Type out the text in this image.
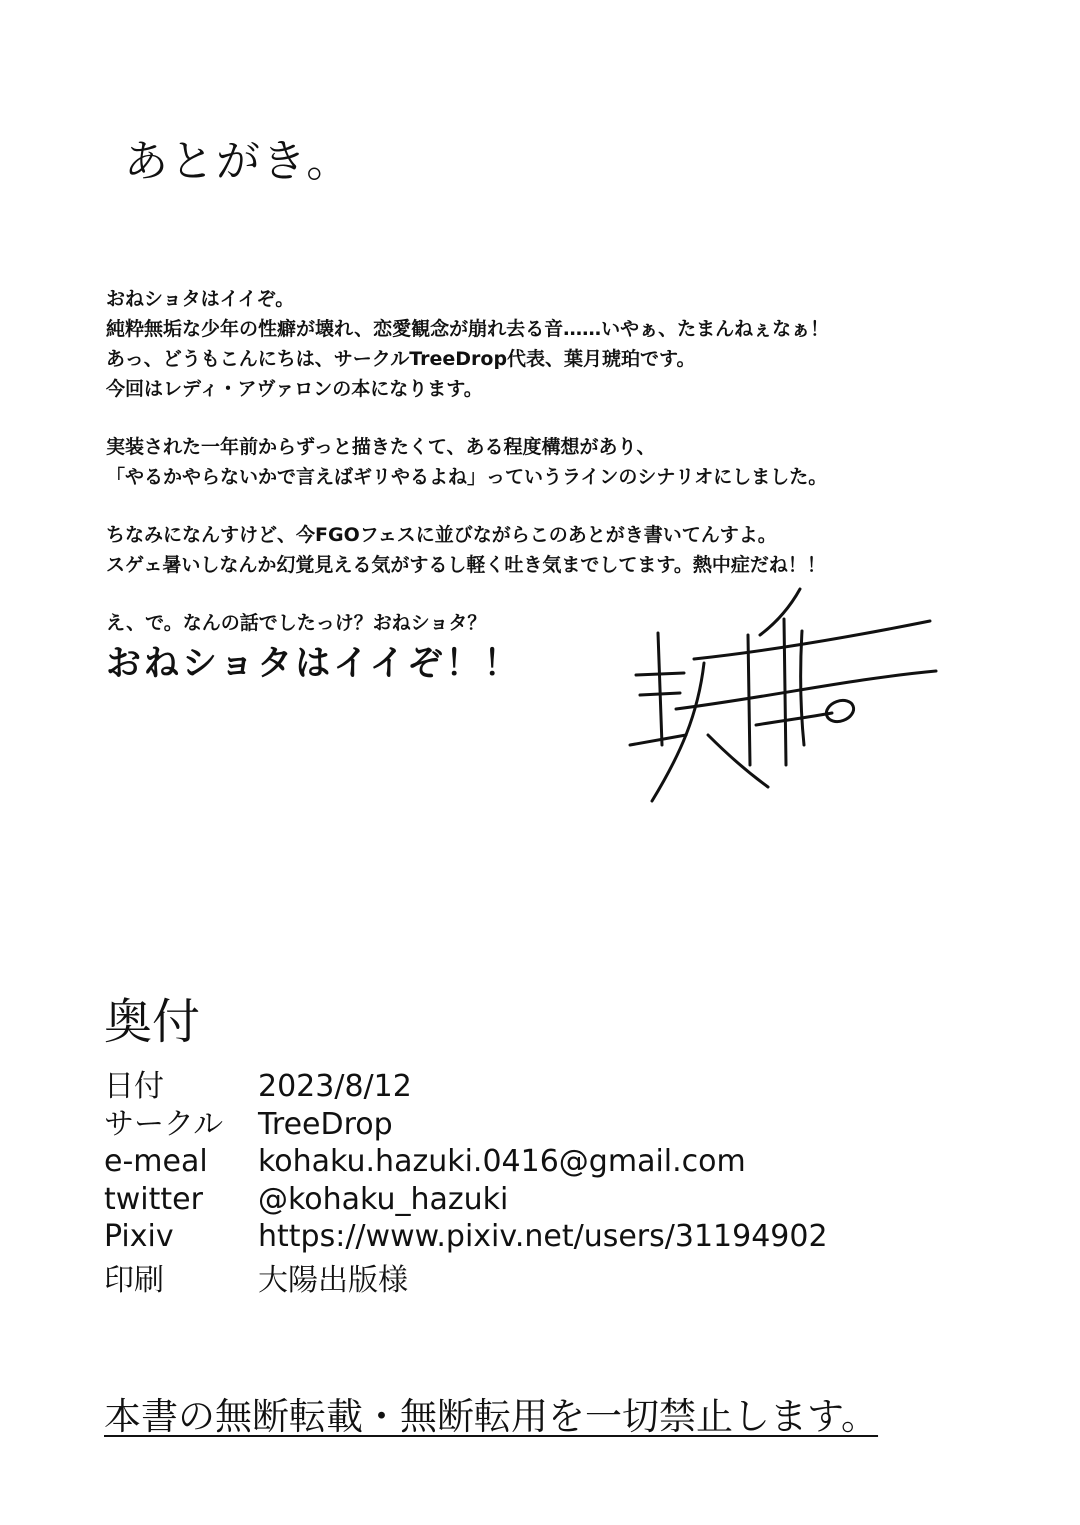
あとがき。
おねショタはイイぞ。
純粋無垢な少年の性癖が壊れ、恋愛観念が崩れ去る音……いやぁ、たまんねぇなぁ！
あっ、どうもこんにちは、サークルTreeDrop代表、葉月琥珀です。
今回はレディ・アヴァロンの本になります。
実装された一年前からずっと描きたくて、ある程度構想があり、
「やるかやらないかで言えばギリやるよね」っていうラインのシナリオにしました。
ちなみになんすけど、今FGOフェスに並びながらこのあとがき書いてんすよ。
スゲェ暑いしなんか幻覚見える気がするし軽く吐き気までしてます。熱中症だね！！
え、で。なんの話でしたっけ？おねショタ？
おねショタはイイぞ！！
奥付
日付	2023/8/12
サークル	TreeDrop
e-meal	kohaku.hazuki.0416@gmail.com
twitter	@kohaku_hazuki
Pixiv	https://www.pixiv.net/users/31194902
印刷	大陽出版様
本書の無断転載・無断転用を一切禁止します。
